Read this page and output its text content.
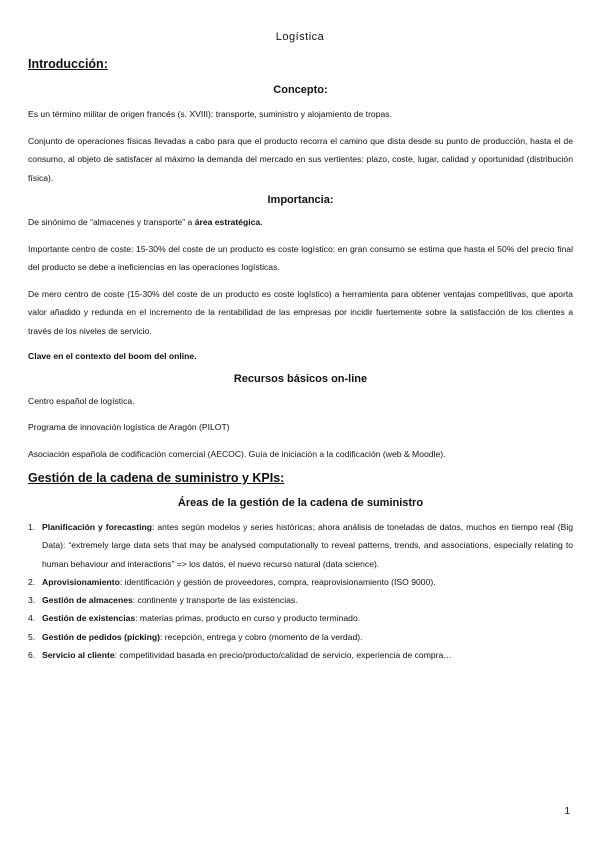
Logística

Introducción:

Concepto:

Es un término militar de origen francés (s. XVIII): transporte, suministro y alojamiento de tropas.

Conjunto de operaciones físicas llevadas a cabo para que el producto recorra el camino que dista desde su punto de producción, hasta el de consumo, al objeto de satisfacer al máximo la demanda del mercado en sus vertientes: plazo, coste, lugar, calidad y oportunidad (distribución física).

Importancia:

De sinónimo de “almacenes y transporte” a área estratégica.

Importante centro de coste: 15-30% del coste de un producto es coste logístico; en gran consumo se estima que hasta el 50% del precio final del producto se debe a ineficiencias en las operaciones logísticas.

De mero centro de coste (15-30% del coste de un producto es coste logístico) a herramienta para obtener ventajas competitivas, que aporta valor añadido y redunda en el incremento de la rentabilidad de las empresas por incidir fuertemente sobre la satisfacción de los clientes a través de los niveles de servicio.

Clave en el contexto del boom del online.

Recursos básicos on-line

Centro español de logística.

Programa de innovación logística de Aragón (PILOT)

Asociación española de codificación comercial (AECOC). Guía de iniciación a la codificación (web & Moodle).

Gestión de la cadena de suministro y KPIs:

Áreas de la gestión de la cadena de suministro

1. Planificación y forecasting: antes según modelos y series históricas; ahora análisis de toneladas de datos, muchos en tiempo real (Big Data): “extremely large data sets that may be analysed computationally to reveal patterns, trends, and associations, especially relating to human behaviour and interactions” => los datos, el nuevo recurso natural (data science).
2. Aprovisionamiento: identificación y gestión de proveedores, compra, reaprovisionamiento (ISO 9000).
3. Gestión de almacenes: continente y transporte de las existencias.
4. Gestión de existencias: materias primas, producto en curso y producto terminado.
5. Gestión de pedidos (picking): recepción, entrega y cobro (momento de la verdad).
6. Servicio al cliente: competitividad basada en precio/producto/calidad de servicio, experiencia de compra…
1
